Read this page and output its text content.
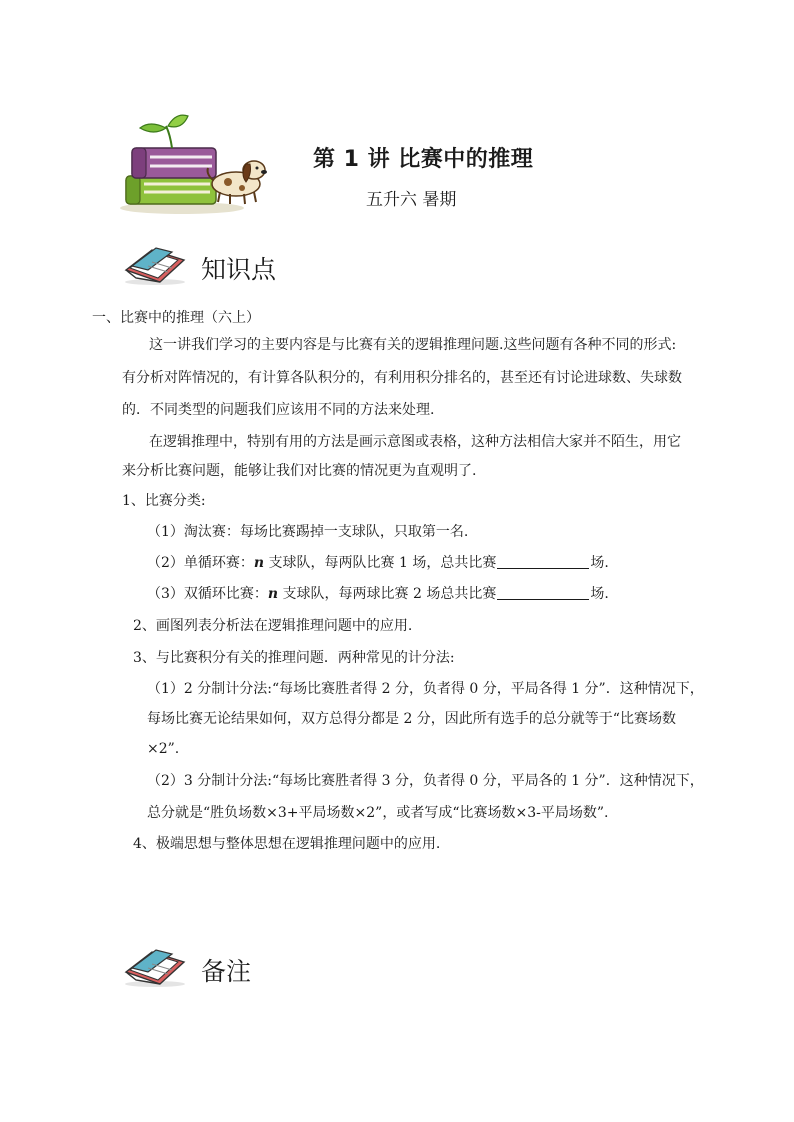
第 1 讲 比赛中的推理
五升六 暑期
知识点
一、比赛中的推理（六上）
这一讲我们学习的主要内容是与比赛有关的逻辑推理问题.这些问题有各种不同的形式:
有分析对阵情况的，有计算各队积分的，有利用积分排名的，甚至还有讨论进球数、失球数
的．不同类型的问题我们应该用不同的方法来处理.
在逻辑推理中，特别有用的方法是画示意图或表格，这种方法相信大家并不陌生，用它
来分析比赛问题，能够让我们对比赛的情况更为直观明了.
1、比赛分类:
（1）淘汰赛：每场比赛踢掉一支球队，只取第一名.
（2）单循环赛：n 支球队，每两队比赛 1 场，总共比赛	场.
（3）双循环比赛：n 支球队，每两球比赛 2 场总共比赛	场.
2、画图列表分析法在逻辑推理问题中的应用.
3、与比赛积分有关的推理问题．两种常见的计分法:
（1）2 分制计分法:“每场比赛胜者得 2 分，负者得 0 分，平局各得 1 分”．这种情况下，
每场比赛无论结果如何，双方总得分都是 2 分，因此所有选手的总分就等于“比赛场数
×2”.
（2）3 分制计分法:“每场比赛胜者得 3 分，负者得 0 分，平局各的 1 分”．这种情况下，
总分就是“胜负场数×3+平局场数×2”，或者写成“比赛场数×3-平局场数”.
4、极端思想与整体思想在逻辑推理问题中的应用.
备注
